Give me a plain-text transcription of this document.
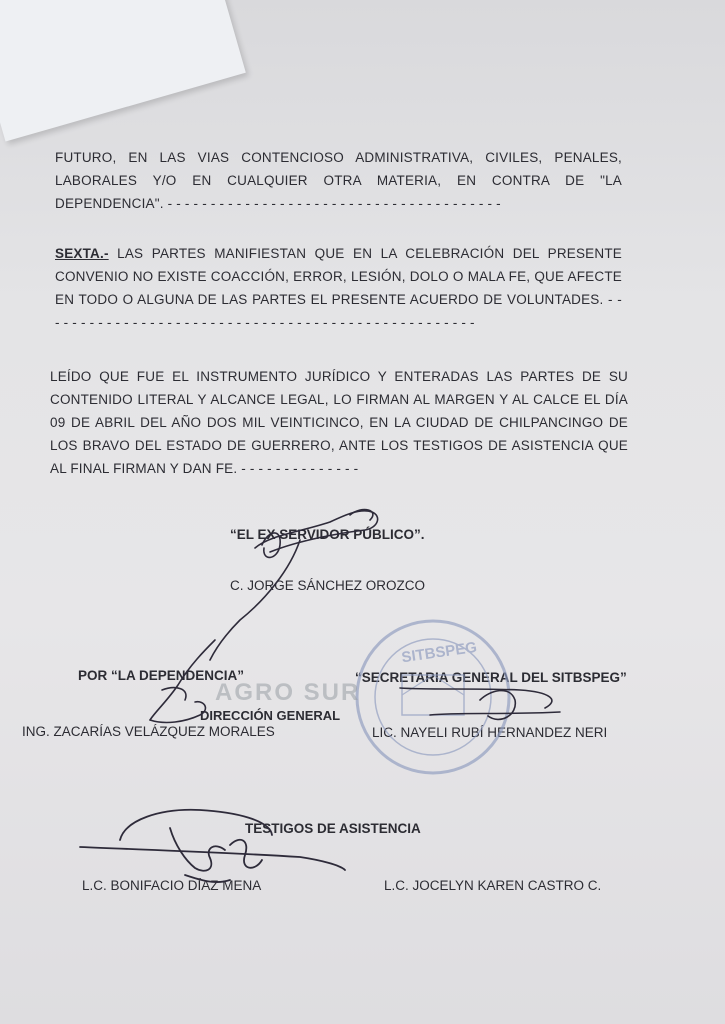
FUTURO, EN LAS VIAS CONTENCIOSO ADMINISTRATIVA, CIVILES, PENALES, LABORALES Y/O EN CUALQUIER OTRA MATERIA, EN CONTRA DE "LA DEPENDENCIA". - - - - - - - - - - - - - - - - - - - - - - - - - - - - - - - - - - - - - - -
SEXTA.- LAS PARTES MANIFIESTAN QUE EN LA CELEBRACIÓN DEL PRESENTE CONVENIO NO EXISTE COACCIÓN, ERROR, LESIÓN, DOLO O MALA FE, QUE AFECTE EN TODO O ALGUNA DE LAS PARTES EL PRESENTE ACUERDO DE VOLUNTADES. - - - - - - - - - - - - - - - - - - - - - - - - - - - - - - - - - - - - - - - - - - - - - - - - - - -
LEÍDO QUE FUE EL INSTRUMENTO JURÍDICO Y ENTERADAS LAS PARTES DE SU CONTENIDO LITERAL Y ALCANCE LEGAL, LO FIRMAN AL MARGEN Y AL CALCE EL DÍA 09 DE ABRIL DEL AÑO DOS MIL VEINTICINCO, EN LA CIUDAD DE CHILPANCINGO DE LOS BRAVO DEL ESTADO DE GUERRERO, ANTE LOS TESTIGOS DE ASISTENCIA QUE AL FINAL FIRMAN Y DAN FE. - - - - - - - - - - - - - -
“EL EX SERVIDOR PÚBLICO”.
C. JORGE SÁNCHEZ OROZCO
POR “LA DEPENDENCIA”	“SECRETARIA GENERAL DEL SITBSPEG”
DIRECCIÓN GENERAL
ING. ZACARÍAS VELÁZQUEZ MORALES	LIC. NAYELI RUBÍ HERNANDEZ NERI
TESTIGOS DE ASISTENCIA
L.C. BONIFACIO DÍAZ MENA	L.C. JOCELYN KAREN CASTRO C.
SITBSPEG
AGRO SUR
